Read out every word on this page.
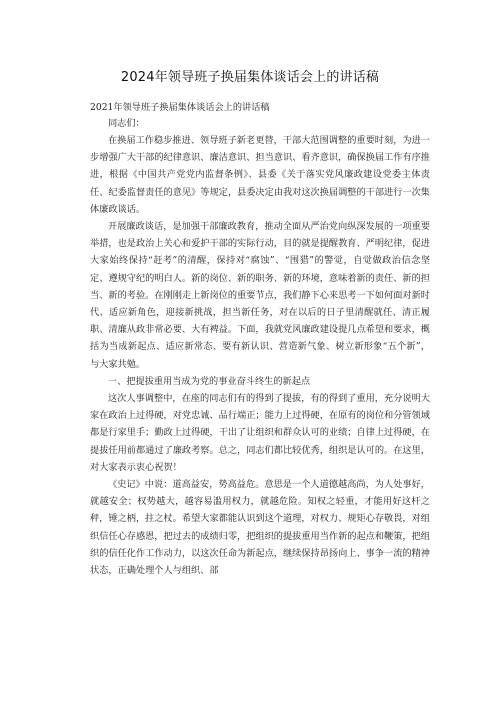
2024年领导班子换届集体谈话会上的讲话稿

2021年领导班子换届集体谈话会上的讲话稿

同志们：

在换届工作稳步推进、领导班子新老更替，干部大范围调整的重要时刻，为进一步增强广大干部的纪律意识、廉洁意识、担当意识、看齐意识，确保换届工作有序推进，根据《中国共产党党内监督条例》、县委《关于落实党风廉政建设党委主体责任、纪委监督责任的意见》等规定，县委决定由我对这次换届调整的干部进行一次集体廉政谈话。

开展廉政谈话，是加强干部廉政教育，推动全面从严治党向纵深发展的一项重要举措，也是政治上关心和爱护干部的实际行动，目的就是提醒教育、严明纪律，促进大家始终保持“赶考”的清醒，保持对“腐蚀”、“围猎”的警觉，自觉做政治信念坚定、遵规守纪的明白人。新的岗位、新的职务、新的环境，意味着新的责任、新的担当、新的考验。在刚刚走上新岗位的重要节点，我们静下心来思考一下如何面对新时代、适应新角色，迎接新挑战，担当新任务，对在以后的日子里清醒就任、清正履职、清廉从政非常必要、大有裨益。下面，我就党风廉政建设提几点希望和要求，概括为当成新起点、适应新常态、要有新认识、营造新气象、树立新形象“五个新”，与大家共勉。

一、把提拔重用当成为党的事业奋斗终生的新起点

这次人事调整中，在座的同志们有的得到了提拔，有的得到了重用，充分说明大家在政治上过得硬，对党忠诚、品行端正；能力上过得硬，在原有的岗位和分管领域都是行家里手；勤政上过得硬，干出了让组织和群众认可的业绩；自律上过得硬，在提拔任用前都通过了廉政考察。总之，同志们都比较优秀，组织是认可的。在这里，对大家表示衷心祝贺！

《史记》中说：道高益安，势高益危。意思是一个人道德越高尚，为人处事好，就越安全；权势越大，越容易滥用权力，就越危险。知权之轻重，才能用好这杆之秤，锤之柄，拄之杖。希望大家都能认识到这个道理，对权力、规矩心存敬畏，对组织信任心存感恩，把过去的成绩归零，把组织的提拔重用当作新的起点和鞭策，把组织的信任化作工作动力，以这次任命为新起点，继续保持昂扬向上、事争一流的精神状态，正确处理个人与组织、部
